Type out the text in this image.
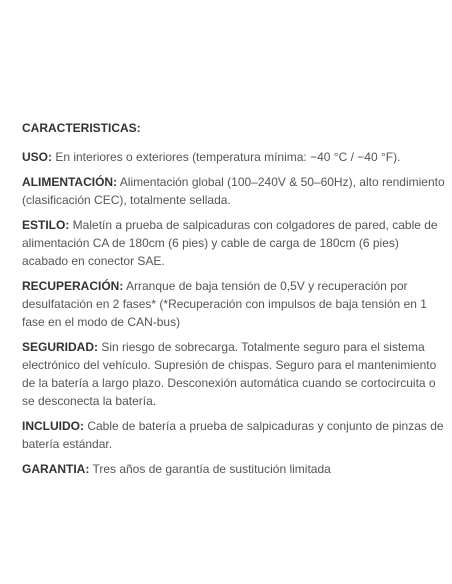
CARACTERISTICAS:

USO: En interiores o exteriores (temperatura mínima: −40 °C / −40 °F).

ALIMENTACIÓN: Alimentación global (100–240V & 50–60Hz), alto rendimiento (clasificación CEC), totalmente sellada.

ESTILO: Maletín a prueba de salpicaduras con colgadores de pared, cable de alimentación CA de 180cm (6 pies) y cable de carga de 180cm (6 pies) acabado en conector SAE.

RECUPERACIÓN: Arranque de baja tensión de 0,5V y recuperación por desulfatación en 2 fases* (*Recuperación con impulsos de baja tensión en 1 fase en el modo de CAN-bus)

SEGURIDAD: Sin riesgo de sobrecarga. Totalmente seguro para el sistema electrónico del vehículo. Supresión de chispas. Seguro para el mantenimiento de la batería a largo plazo. Desconexión automática cuando se cortocircuita o se desconecta la batería.

INCLUIDO: Cable de batería a prueba de salpicaduras y conjunto de pinzas de batería estándar.

GARANTIA: Tres años de garantía de sustitución limitada
